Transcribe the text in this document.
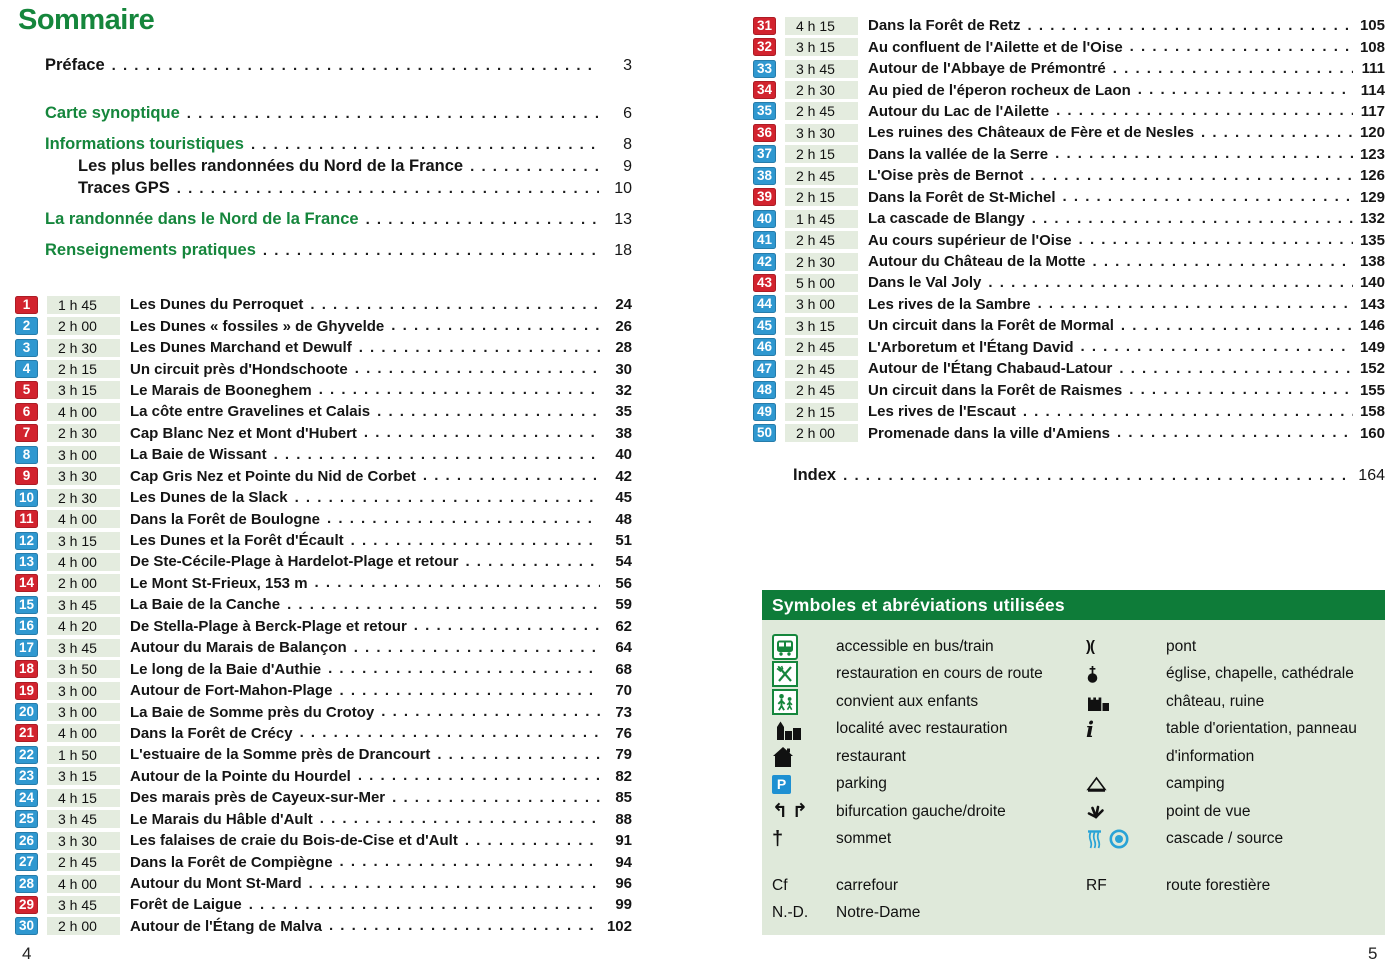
Sommaire
Préface . . .	3
Carte synoptique . . .	6
Informations touristiques . . .	8
Les plus belles randonnées du Nord de la France . . .	9
Traces GPS . . .	10
La randonnée dans le Nord de la France . . .	13
Renseignements pratiques . . .	18
1	1 h 45	Les Dunes du Perroquet . . .	24
2	2 h 00	Les Dunes « fossiles » de Ghyvelde . . .	26
3	2 h 30	Les Dunes Marchand et Dewulf . . .	28
4	2 h 15	Un circuit près d'Hondschoote . . .	30
5	3 h 15	Le Marais de Booneghem . . .	32
6	4 h 00	La côte entre Gravelines et Calais . . .	35
7	2 h 30	Cap Blanc Nez et Mont d'Hubert . . .	38
8	3 h 00	La Baie de Wissant . . .	40
9	3 h 30	Cap Gris Nez et Pointe du Nid de Corbet . . .	42
10	2 h 30	Les Dunes de la Slack . . .	45
11	4 h 00	Dans la Forêt de Boulogne . . .	48
12	3 h 15	Les Dunes et la Forêt d'Écault . . .	51
13	4 h 00	De Ste-Cécile-Plage à Hardelot-Plage et retour . . .	54
14	2 h 00	Le Mont St-Frieux, 153 m . . .	56
15	3 h 45	La Baie de la Canche . . .	59
16	4 h 20	De Stella-Plage à Berck-Plage et retour . . .	62
17	3 h 45	Autour du Marais de Balançon . . .	64
18	3 h 50	Le long de la Baie d'Authie . . .	68
19	3 h 00	Autour de Fort-Mahon-Plage . . .	70
20	3 h 00	La Baie de Somme près du Crotoy . . .	73
21	4 h 00	Dans la Forêt de Crécy . . .	76
22	1 h 50	L'estuaire de la Somme près de Drancourt . . .	79
23	3 h 15	Autour de la Pointe du Hourdel . . .	82
24	4 h 15	Des marais près de Cayeux-sur-Mer . . .	85
25	3 h 45	Le Marais du Hâble d'Ault . . .	88
26	3 h 30	Les falaises de craie du Bois-de-Cise et d'Ault . . .	91
27	2 h 45	Dans la Forêt de Compiègne . . .	94
28	4 h 00	Autour du Mont St-Mard . . .	96
29	3 h 45	Forêt de Laigue . . .	99
30	2 h 00	Autour de l'Étang de Malva . . .	102
31	4 h 15	Dans la Forêt de Retz . . .	105
32	3 h 15	Au confluent de l'Ailette et de l'Oise . . .	108
33	3 h 45	Autour de l'Abbaye de Prémontré . . .	111
34	2 h 30	Au pied de l'éperon rocheux de Laon . . .	114
35	2 h 45	Autour du Lac de l'Ailette . . .	117
36	3 h 30	Les ruines des Châteaux de Fère et de Nesles . . .	120
37	2 h 15	Dans la vallée de la Serre . . .	123
38	2 h 45	L'Oise près de Bernot . . .	126
39	2 h 15	Dans la Forêt de St-Michel . . .	129
40	1 h 45	La cascade de Blangy . . .	132
41	2 h 45	Au cours supérieur de l'Oise . . .	135
42	2 h 30	Autour du Château de la Motte . . .	138
43	5 h 00	Dans le Val Joly . . .	140
44	3 h 00	Les rives de la Sambre . . .	143
45	3 h 15	Un circuit dans la Forêt de Mormal . . .	146
46	2 h 45	L'Arboretum et l'Étang David . . .	149
47	2 h 45	Autour de l'Étang Chabaud-Latour . . .	152
48	2 h 45	Un circuit dans la Forêt de Raismes . . .	155
49	2 h 15	Les rives de l'Escaut . . .	158
50	2 h 00	Promenade dans la ville d'Amiens . . .	160
Index . . .	164
Symboles et abréviations utilisées
accessible en bus/train	)(	pont
restauration en cours de route	église, chapelle, cathédrale
convient aux enfants	château, ruine
localité avec restauration	i	table d'orientation, panneau
restaurant	d'information
P	parking	camping
↰↱ bifurcation gauche/droite	point de vue
†	sommet	cascade / source
Cf	carrefour	RF	route forestière
N.-D.	Notre-Dame
4	5
